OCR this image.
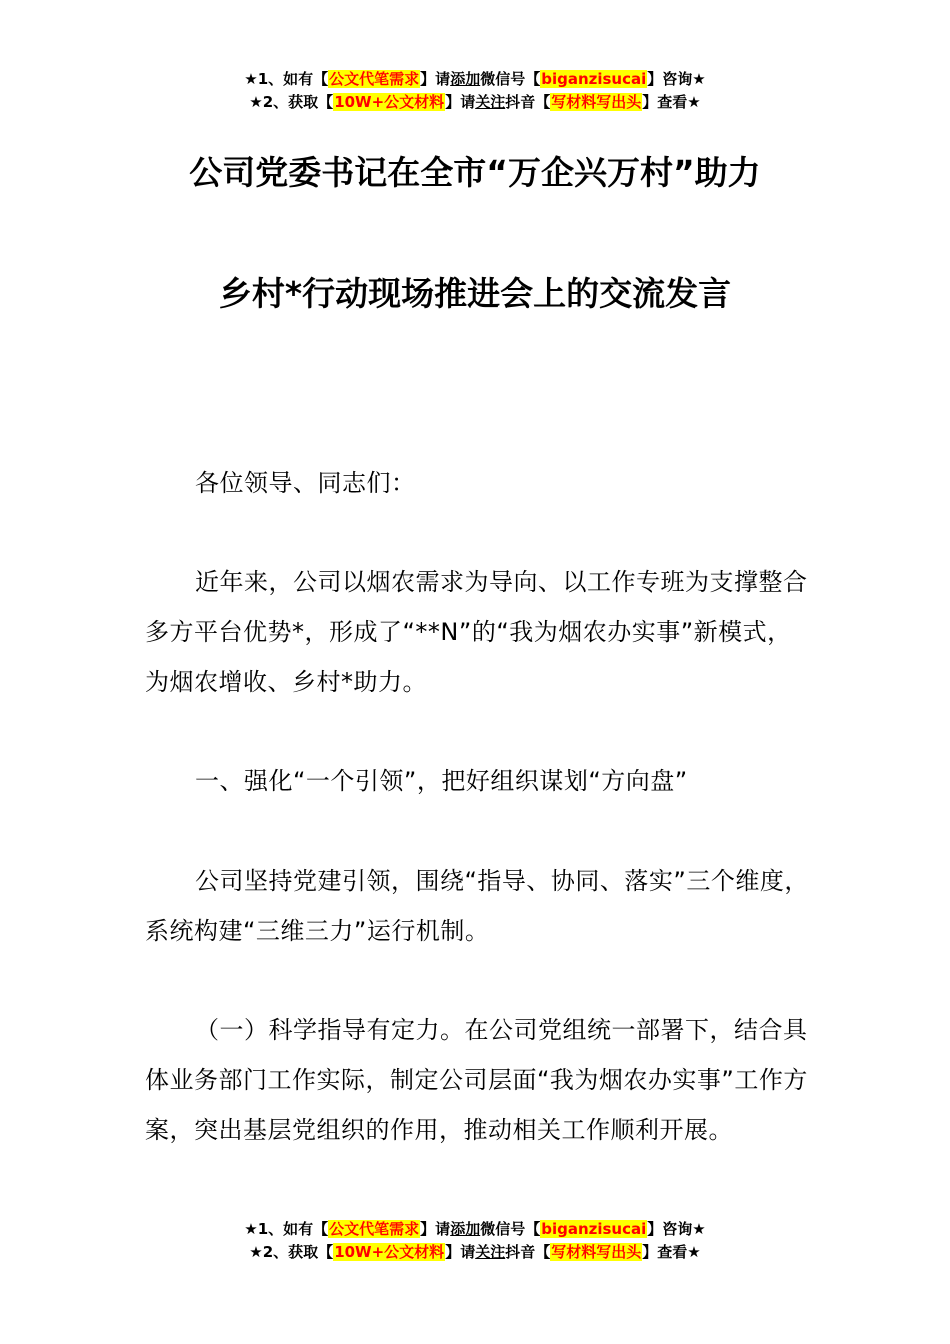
★1、如有【公文代笔需求】请添加微信号【biganzisucai】咨询★
★2、获取【10W+公文材料】请关注抖音【写材料写出头】查看★
公司党委书记在全市“万企兴万村”助力
乡村*行动现场推进会上的交流发言

各位领导、同志们：

近年来，公司以烟农需求为导向、以工作专班为支撑整合多方平台优势*，形成了“**N”的“我为烟农办实事”新模式，为烟农增收、乡村*助力。

一、强化“一个引领”，把好组织谋划“方向盘”

公司坚持党建引领，围绕“指导、协同、落实”三个维度，系统构建“三维三力”运行机制。

（一）科学指导有定力。在公司党组统一部署下，结合具体业务部门工作实际，制定公司层面“我为烟农办实事”工作方案，突出基层党组织的作用，推动相关工作顺利开展。

★1、如有【公文代笔需求】请添加微信号【biganzisucai】咨询★
★2、获取【10W+公文材料】请关注抖音【写材料写出头】查看★
